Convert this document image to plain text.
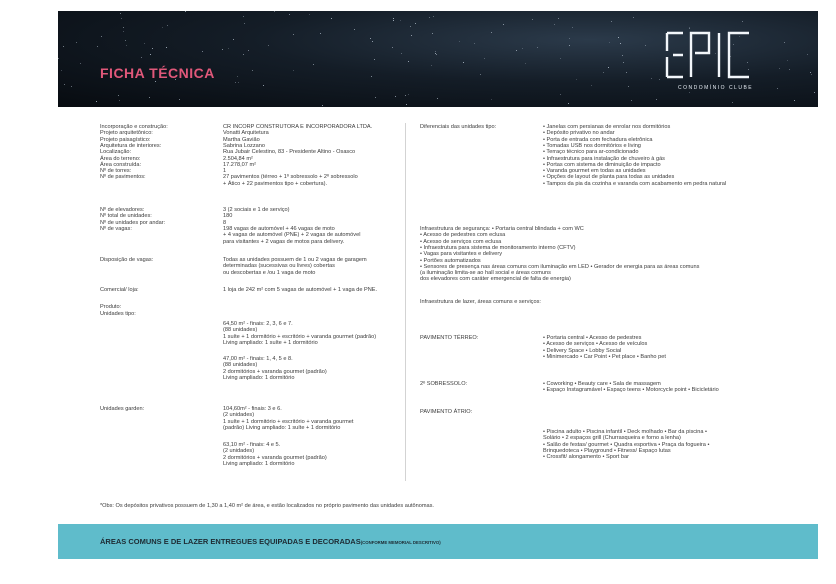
FICHA TÉCNICA
CONDOMÍNIO CLUBE
Incorporação e construção:	CR INCORP CONSTRUTORA E INCORPORADORA LTDA.
Projeto arquitetônico:	Vonatti Arquitetura
Projeto paisagístico:	Martha Gavião
Arquitetura de interiores:	Sabrina Lozzano
Localização:	Rua Jubair Celestino, 83 - Presidente Altino - Osasco
Área do terreno:	2.504,84 m²
Área construída:	17.278,07 m²
Nº de torres:	1
Nº de pavimentos:	27 pavimentos (térreo + 1º sobressolo + 2º sobressolo
+ Ático + 22 pavimentos tipo + cobertura).
Nº de elevadores:	3 (2 sociais e 1 de serviço)
Nº total de unidades:	180
Nº de unidades por andar:	8
Nº de vagas:	198 vagas de automóvel + 46 vagas de moto
+ 4 vagas de automóvel (PNE) + 2 vagas de automóvel
para visitantes + 2 vagas de motos para delivery.
Disposição de vagas:	Todas as unidades possuem de 1 ou 2 vagas de garagem
determinadas (sucessivas ou livres) cobertas
ou descobertas e /ou 1 vaga de moto
Comercial/ loja:	1 loja de 242 m² com 5 vagas de automóvel + 1 vaga de PNE.
Produto:
Unidades tipo:
64,50 m² - finais: 2, 3, 6 e 7.
(88 unidades)
1 suíte + 1 dormitório + escritório + varanda gourmet (padrão)
Living ampliado: 1 suíte + 1 dormitório
47,00 m² - finais: 1, 4, 5 e 8.
(88 unidades)
2 dormitórios + varanda gourmet (padrão)
Living ampliado: 1 dormitório
Unidades garden:	104,60m² - finais: 3 e 6.
(2 unidades)
1 suíte + 1 dormitório + escritório + varanda gourmet
(padrão) Living ampliado: 1 suíte + 1 dormitório
63,10 m² - finais: 4 e 5.
(2 unidades)
2 dormitórios + varanda gourmet (padrão)
Living ampliado: 1 dormitório
Diferenciais das unidades tipo:	• Janelas com persianas de enrolar nos dormitórios
• Depósito privativo no andar
• Porta de entrada com fechadura eletrônica
• Tomadas USB nos dormitórios e living
• Terraço técnico para ar-condicionado
• Infraestrutura para instalação de chuveiro à gás
• Portas com sistema de diminuição de impacto
• Varanda gourmet em todas as unidades
• Opções de layout de planta para todas as unidades
• Tampos da pia da cozinha e varanda com acabamento em pedra natural
Infraestrutura de segurança: • Portaria central blindada + com WC
• Acesso de pedestres com eclusa
• Acesso de serviços com eclusa
• Infraestrutura para sistema de monitoramento interno (CFTV)
• Vagas para visitantes e delivery
• Portões automatizados
• Sensores de presença nas áreas comuns com iluminação em LED • Gerador de energia para as áreas comuns
(a iluminação limita-se ao hall social e áreas comuns
dos elevadores com caráter emergencial de falta de energia)
Infraestrutura de lazer, áreas comuns e serviços:
PAVIMENTO TÉRREO:	• Portaria central • Acesso de pedestres
• Acesso de serviços • Acesso de veículos
• Delivery Space • Lobby Social
• Minimercado • Car Point • Pet place • Banho pet
2º SOBRESSOLO:	• Coworking • Beauty care • Sala de massagem
• Espaço Instagramável • Espaço teens • Motorcycle point • Bicicletário
PAVIMENTO ÁTRIO:
• Piscina adulto • Piscina infantil • Deck molhado • Bar da piscina •
Solário • 2 espaços grill (Churrasqueira e forno a lenha)
• Salão de festas/ gourmet • Quadra esportiva • Praça da fogueira •
Brinquedoteca • Playground • Fitness/ Espaço lutas
• Crossfit/ alongamento • Sport bar
*Obs: Os depósitos privativos possuem de 1,30 a 1,40 m² de área, e estão localizados no próprio pavimento das unidades autônomas.
ÁREAS COMUNS E DE LAZER ENTREGUES EQUIPADAS E DECORADAS(CONFORME MEMORIAL DESCRITIVO)
